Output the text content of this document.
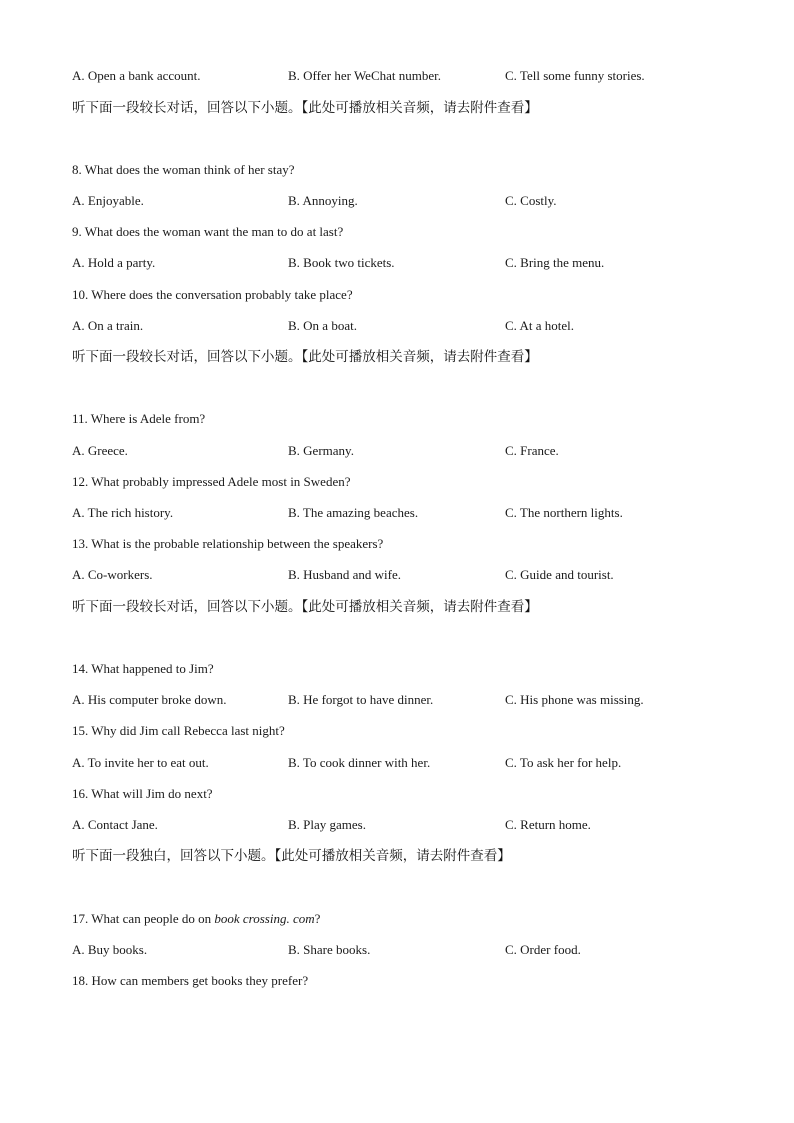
A. Open a bank account.	B. Offer her WeChat number.	C. Tell some funny stories.
听下面一段较长对话，回答以下小题。【此处可播放相关音频，请去附件查看】
8. What does the woman think of her stay?
A. Enjoyable.	B. Annoying.	C. Costly.
9. What does the woman want the man to do at last?
A. Hold a party.	B. Book two tickets.	C. Bring the menu.
10. Where does the conversation probably take place?
A. On a train.	B. On a boat.	C. At a hotel.
听下面一段较长对话，回答以下小题。【此处可播放相关音频，请去附件查看】
11. Where is Adele from?
A. Greece.	B. Germany.	C. France.
12. What probably impressed Adele most in Sweden?
A. The rich history.	B. The amazing beaches.	C. The northern lights.
13. What is the probable relationship between the speakers?
A. Co-workers.	B. Husband and wife.	C. Guide and tourist.
听下面一段较长对话，回答以下小题。【此处可播放相关音频，请去附件查看】
14. What happened to Jim?
A. His computer broke down.	B. He forgot to have dinner.	C. His phone was missing.
15. Why did Jim call Rebecca last night?
A. To invite her to eat out.	B. To cook dinner with her.	C. To ask her for help.
16. What will Jim do next?
A. Contact Jane.	B. Play games.	C. Return home.
听下面一段独白，回答以下小题。【此处可播放相关音频，请去附件查看】
17. What can people do on book crossing. com?
A. Buy books.	B. Share books.	C. Order food.
18. How can members get books they prefer?
